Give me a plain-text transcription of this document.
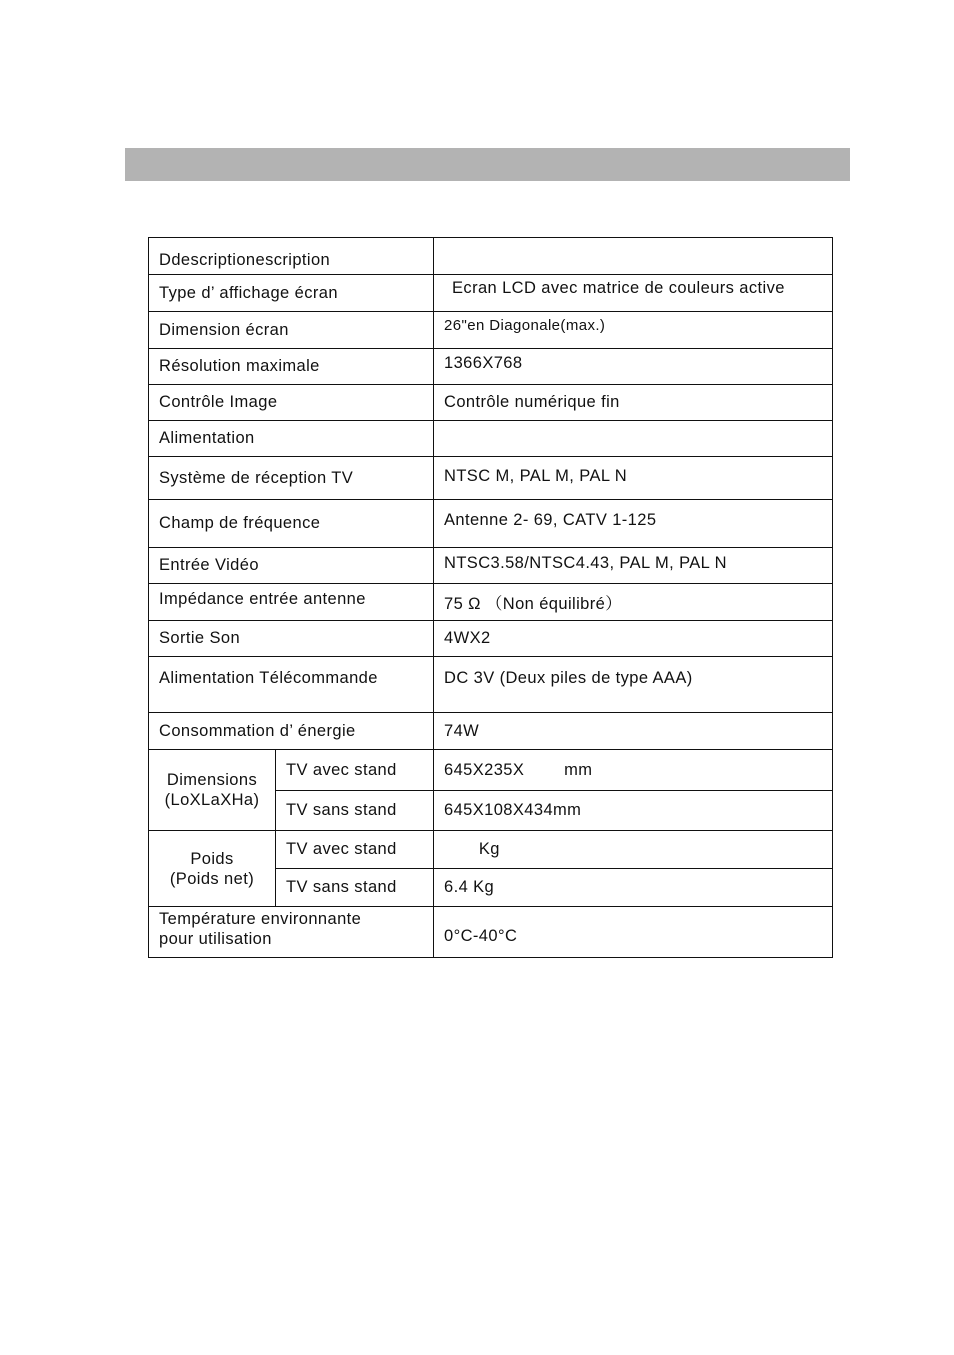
Ddescriptionescription		
Type d’ affichage écran		Ecran LCD avec matrice de couleurs active
Dimension écran		26"en Diagonale(max.)
Résolution maximale		1366X768
Contrôle Image		Contrôle numérique fin
Alimentation		
Système de réception TV		NTSC M, PAL M, PAL N
Champ de fréquence		Antenne 2- 69, CATV 1-125
Entrée Vidéo		NTSC3.58/NTSC4.43, PAL M, PAL N
Impédance entrée antenne		75 Ω （Non équilibré）
Sortie Son		4WX2
Alimentation Télécommande		DC 3V (Deux piles de type AAA)
Consommation d’ énergie		74W

Dimensions
(LoXLaXHa)	TV avec stand	645X235X        mm
	TV sans stand	645X108X434mm

Poids
(Poids net)	TV avec stand	Kg
	TV sans stand	6.4 Kg

Température environnante
pour utilisation		0°C-40°C
